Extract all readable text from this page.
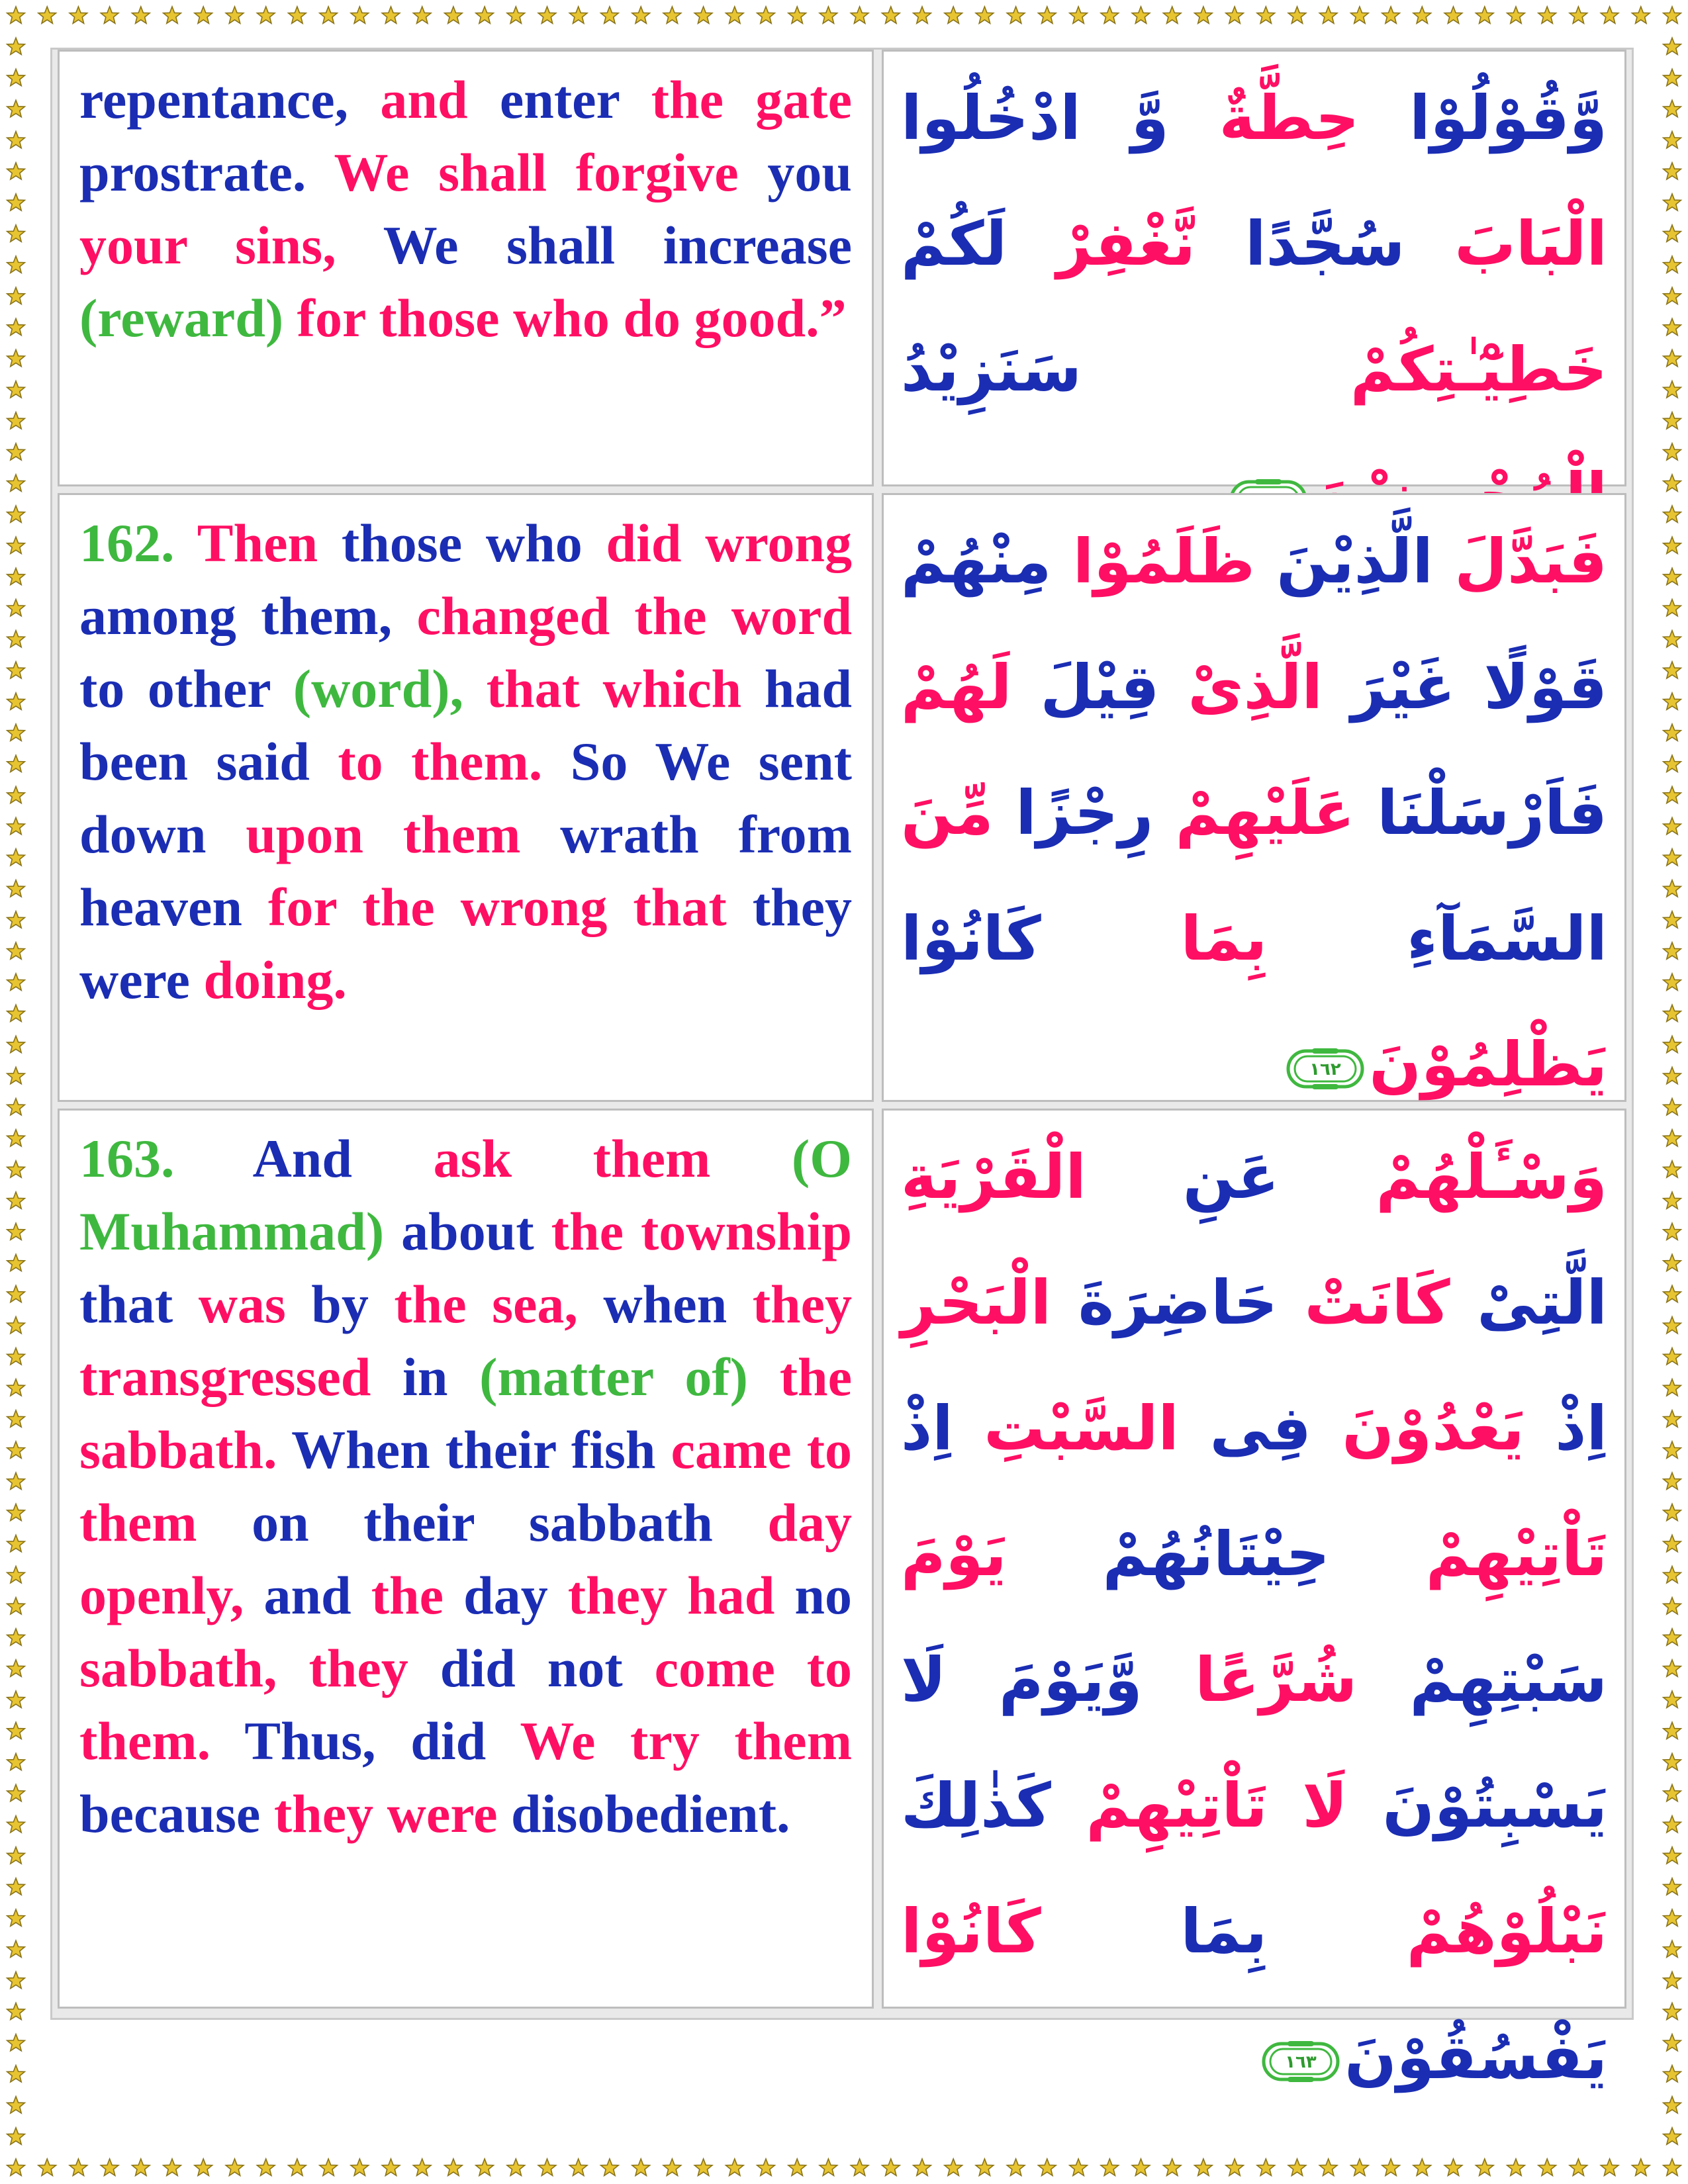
repentance, and enter the gate prostrate. We shall forgive you your sins, We shall increase (reward) for those who do good.”

وَّقُوْلُوْا حِطَّةٌ وَّ ادْخُلُوا الْبَابَ سُجَّدًا نَّغْفِرْ لَكُمْ خَطِيْٓـٰتِكُمْ سَنَزِيْدُ

162. Then those who did wrong among them, changed the word to other (word), that which had been said to them. So We sent down upon them wrath from heaven for the wrong that they were doing.

فَبَدَّلَ الَّذِيْنَ ظَلَمُوْا مِنْهُمْ قَوْلًا غَيْرَ الَّذِىْ قِيْلَ لَهُمْ فَاَرْسَلْنَا عَلَيْهِمْ رِجْزًا مِّنَ السَّمَآءِ بِمَا كَانُوْا يَظْلِمُوْنَ
١٦٢

163. And ask them (O Muhammad) about the township that was by the sea, when they transgressed in (matter of) the sabbath. When their fish came to them on their sabbath day openly, and the day they had no sabbath, they did not come to them. Thus, did We try them because they were disobedient.

وَسْـَٔلْهُمْ عَنِ الْقَرْيَةِ الَّتِىْ كَانَتْ حَاضِرَةَ الْبَحْرِ اِذْ يَعْدُوْنَ فِى السَّبْتِ اِذْ تَاْتِيْهِمْ حِيْتَانُهُمْ يَوْمَ سَبْتِهِمْ شُرَّعًا وَّيَوْمَ لَا يَسْبِتُوْنَ لَا تَاْتِيْهِمْ كَذٰلِكَ نَبْلُوْهُمْ بِمَا كَانُوْا يَفْسُقُوْنَ
١٦٣
